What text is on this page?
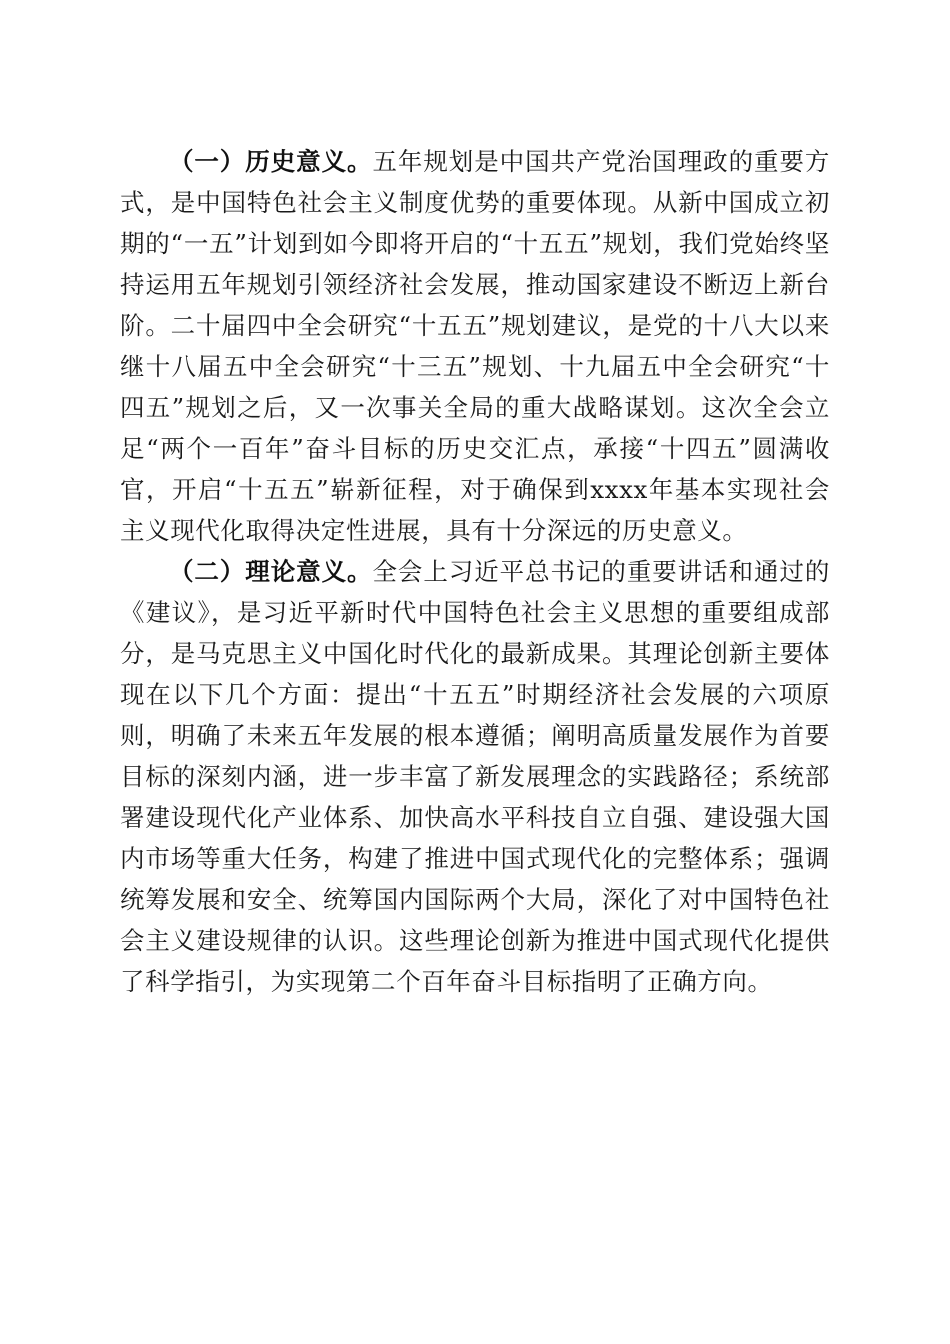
（一）历史意义。五年规划是中国共产党治国理政的重要方式，是中国特色社会主义制度优势的重要体现。从新中国成立初期的“一五”计划到如今即将开启的“十五五”规划，我们党始终坚持运用五年规划引领经济社会发展，推动国家建设不断迈上新台阶。二十届四中全会研究“十五五”规划建议，是党的十八大以来继十八届五中全会研究“十三五”规划、十九届五中全会研究“十四五”规划之后，又一次事关全局的重大战略谋划。这次全会立足“两个一百年”奋斗目标的历史交汇点，承接“十四五”圆满收官，开启“十五五”崭新征程，对于确保到xxxx年基本实现社会主义现代化取得决定性进展，具有十分深远的历史意义。

（二）理论意义。全会上习近平总书记的重要讲话和通过的《建议》，是习近平新时代中国特色社会主义思想的重要组成部分，是马克思主义中国化时代化的最新成果。其理论创新主要体现在以下几个方面：提出“十五五”时期经济社会发展的六项原则，明确了未来五年发展的根本遵循；阐明高质量发展作为首要目标的深刻内涵，进一步丰富了新发展理念的实践路径；系统部署建设现代化产业体系、加快高水平科技自立自强、建设强大国内市场等重大任务，构建了推进中国式现代化的完整体系；强调统筹发展和安全、统筹国内国际两个大局，深化了对中国特色社会主义建设规律的认识。这些理论创新为推进中国式现代化提供了科学指引，为实现第二个百年奋斗目标指明了正确方向。
